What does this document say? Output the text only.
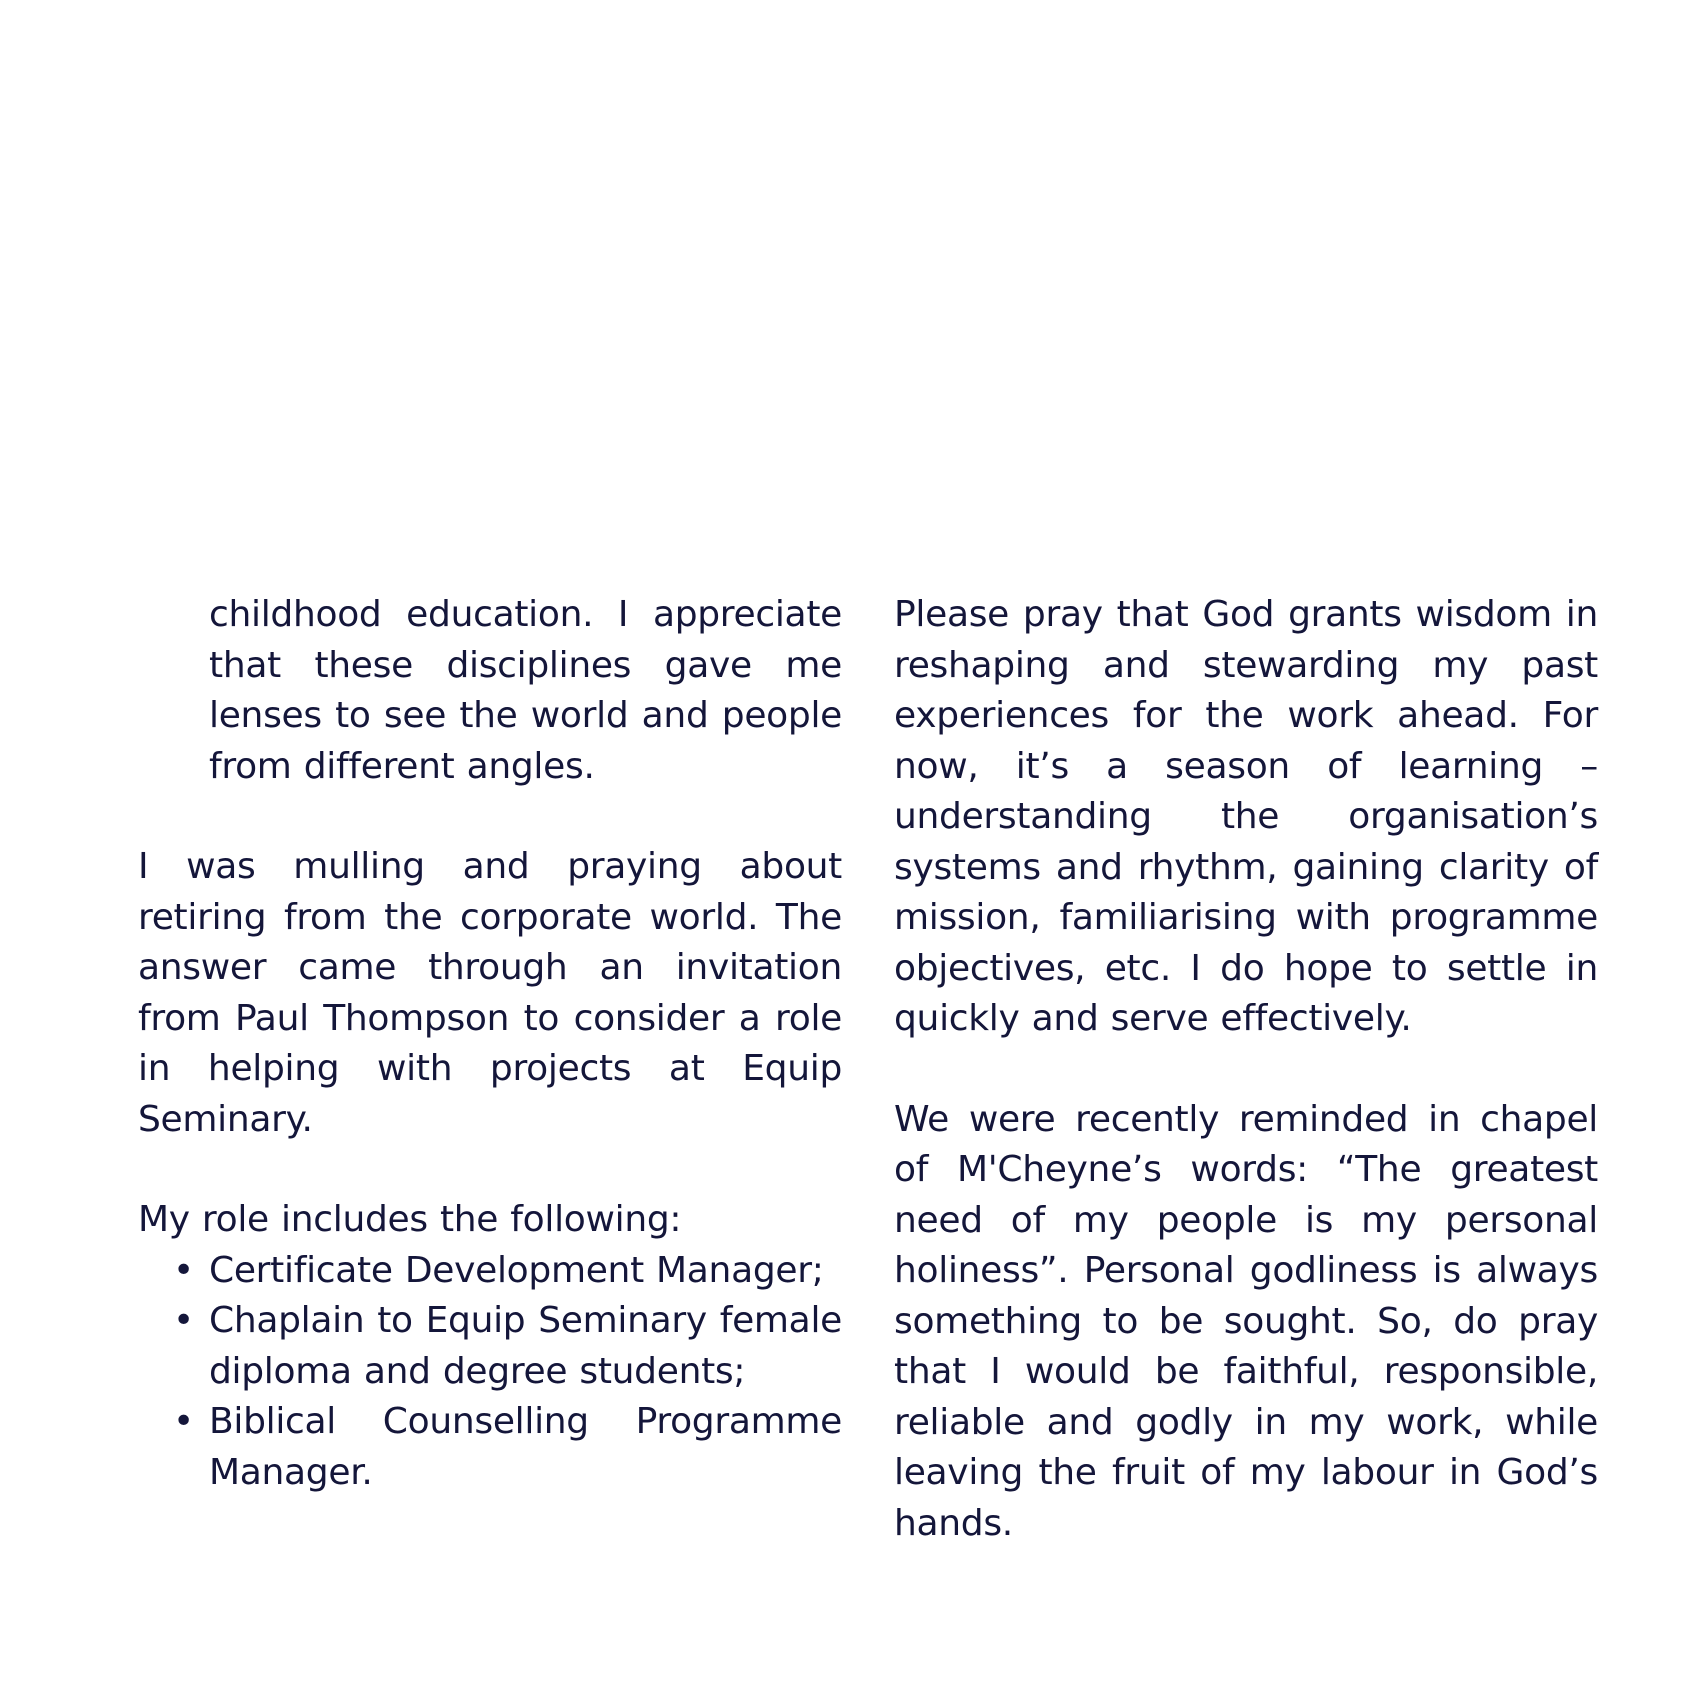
childhood education. I appreciate that these disciplines gave me lenses to see the world and people from different angles.

I was mulling and praying about retiring from the corporate world. The answer came through an invitation from Paul Thompson to consider a role in helping with projects at Equip Seminary.

My role includes the following:

• Certificate Development Manager;
• Chaplain to Equip Seminary female diploma and degree students;
• Biblical Counselling Programme Manager.

Please pray that God grants wisdom in reshaping and stewarding my past experiences for the work ahead. For now, it’s a season of learning – understanding the organisation’s systems and rhythm, gaining clarity of mission, familiarising with programme objectives, etc. I do hope to settle in quickly and serve effectively.

We were recently reminded in chapel of M'Cheyne’s words: “The greatest need of my people is my personal holiness”. Personal godliness is always something to be sought. So, do pray that I would be faithful, responsible, reliable and godly in my work, while leaving the fruit of my labour in God’s hands.
